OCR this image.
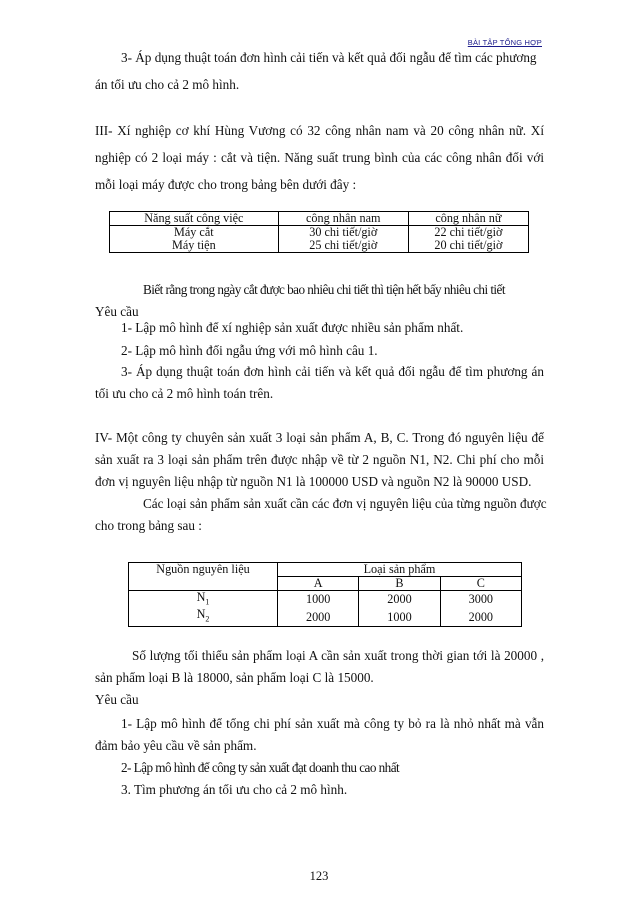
BÀI TẬP TỔNG HỢP
3- Áp dụng thuật toán đơn hình cải tiến và kết quả đối ngẫu để tìm các phương
án tối ưu cho cả 2 mô hình.
III- Xí nghiệp cơ khí Hùng Vương có 32 công nhân nam và 20 công nhân nữ. Xí
nghiệp có 2 loại máy : cắt và tiện. Năng suất trung bình của các công nhân đối với
mỗi loại máy được cho trong bảng bên dưới đây :
Năng suất công việc	công nhân nam	công nhân nữ
Máy cắt	30 chi tiết/giờ	22 chi tiết/giờ
Máy tiện	25 chi tiết/giờ	20 chi tiết/giờ
Biết rằng trong ngày cắt được bao nhiêu chi tiết thì tiện hết bấy nhiêu chi tiết
Yêu cầu
1- Lập mô hình để xí nghiệp sản xuất được nhiều sản phẩm nhất.
2- Lập mô hình đối ngẫu ứng với mô hình câu 1.
3- Áp dụng thuật toán đơn hình cải tiến và kết quả đối ngẫu để tìm phương án
tối ưu cho cả 2 mô hình toán trên.
IV- Một công ty chuyên sản xuất 3 loại sản phẩm A, B, C. Trong đó nguyên liệu để
sản xuất ra 3 loại sản phẩm trên được nhập về từ 2 nguồn N1, N2. Chi phí cho mỗi
đơn vị nguyên liệu nhập từ nguồn N1 là 100000 USD và nguồn N2 là 90000 USD.
Các loại sản phẩm sản xuất cần các đơn vị nguyên liệu của từng nguồn được
cho trong bảng sau :
Nguồn nguyên liệu	Loại sản phẩm		
	A	B	C
$N_1$	1000	2000	3000
$N_2$	2000	1000	2000
Số lượng tối thiểu sản phẩm loại A cần sản xuất trong thời gian tới là 20000 ,
sản phẩm loại B là 18000, sản phẩm loại C là 15000.
Yêu cầu
1- Lập mô hình để tổng chi phí sản xuất mà công ty bỏ ra là nhỏ nhất mà vẫn
đảm bảo yêu cầu về sản phẩm.
2- Lập mô hình để công ty sản xuất đạt doanh thu cao nhất
3. Tìm phương án tối ưu cho cả 2 mô hình.
123
